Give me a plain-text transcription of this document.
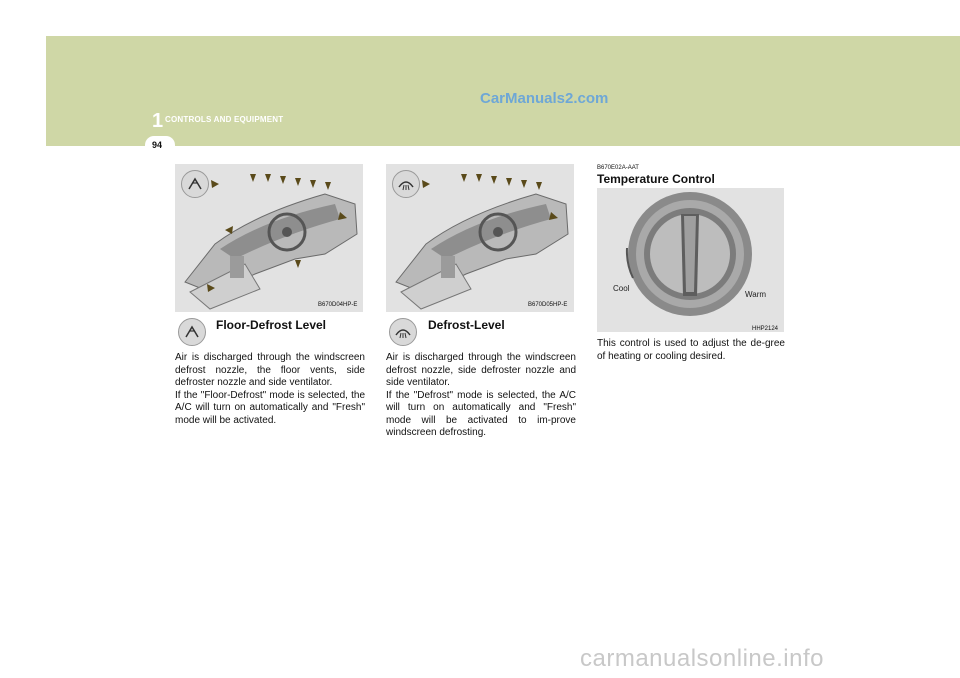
1 CONTROLS AND EQUIPMENT
CarManuals2.com
94
B670D04HP-E
Floor-Defrost Level

Air is discharged through the windscreen defrost nozzle, the floor vents, side defroster nozzle and side ventilator.

If the "Floor-Defrost" mode is selected, the A/C will turn on automatically and "Fresh" mode will be activated.

B670D05HP-E
Defrost-Level

Air is discharged through the windscreen defrost nozzle, side defroster nozzle and side ventilator.

If the "Defrost" mode is selected, the A/C will turn on automatically and "Fresh" mode will be activated to im-prove windscreen defrosting.

B670E02A-AAT
Temperature Control
Cool
Warm
HHP2124
This control is used to adjust the de-gree of heating or cooling desired.
carmanualsonline.info
